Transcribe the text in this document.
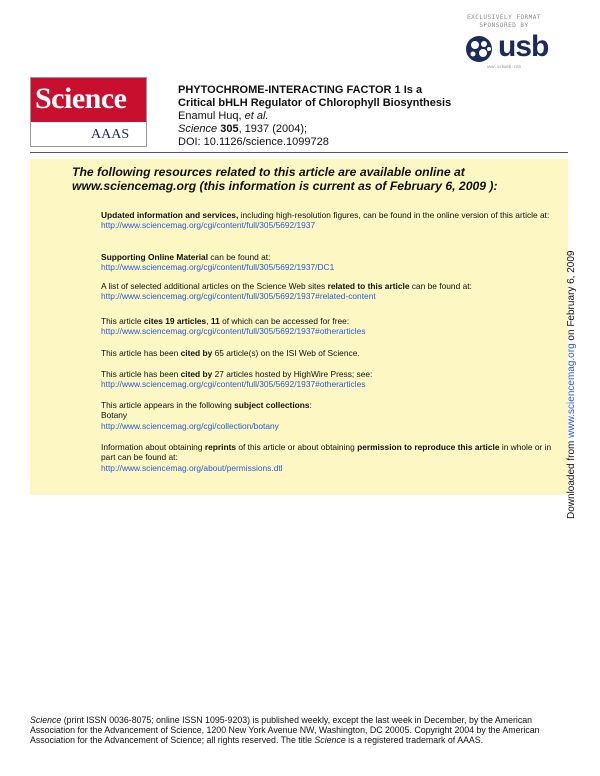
EXCLUSIVELY FORMAT
SPONSORED BY
usb
www.usbweb.com
Science
AAAS
PHYTOCHROME-INTERACTING FACTOR 1 Is a
Critical bHLH Regulator of Chlorophyll Biosynthesis
Enamul Huq, et al.
Science 305, 1937 (2004);
DOI: 10.1126/science.1099728
The following resources related to this article are available online at
www.sciencemag.org (this information is current as of February 6, 2009 ):
Updated information and services, including high-resolution figures, can be found in the online version of this article at:
http://www.sciencemag.org/cgi/content/full/305/5692/1937
Supporting Online Material can be found at:
http://www.sciencemag.org/cgi/content/full/305/5692/1937/DC1
A list of selected additional articles on the Science Web sites related to this article can be found at:
http://www.sciencemag.org/cgi/content/full/305/5692/1937#related-content
This article cites 19 articles, 11 of which can be accessed for free:
http://www.sciencemag.org/cgi/content/full/305/5692/1937#otherarticles
This article has been cited by 65 article(s) on the ISI Web of Science.
This article has been cited by 27 articles hosted by HighWire Press; see:
http://www.sciencemag.org/cgi/content/full/305/5692/1937#otherarticles
This article appears in the following subject collections:
Botany
http://www.sciencemag.org/cgi/collection/botany
Information about obtaining reprints of this article or about obtaining permission to reproduce this article in whole or in part can be found at:
http://www.sciencemag.org/about/permissions.dtl	Downloaded from www.sciencemag.org on February 6, 2009
Science (print ISSN 0036-8075; online ISSN 1095-9203) is published weekly, except the last week in December, by the American Association for the Advancement of Science, 1200 New York Avenue NW, Washington, DC 20005. Copyright 2004 by the American Association for the Advancement of Science; all rights reserved. The title Science is a registered trademark of AAAS.
